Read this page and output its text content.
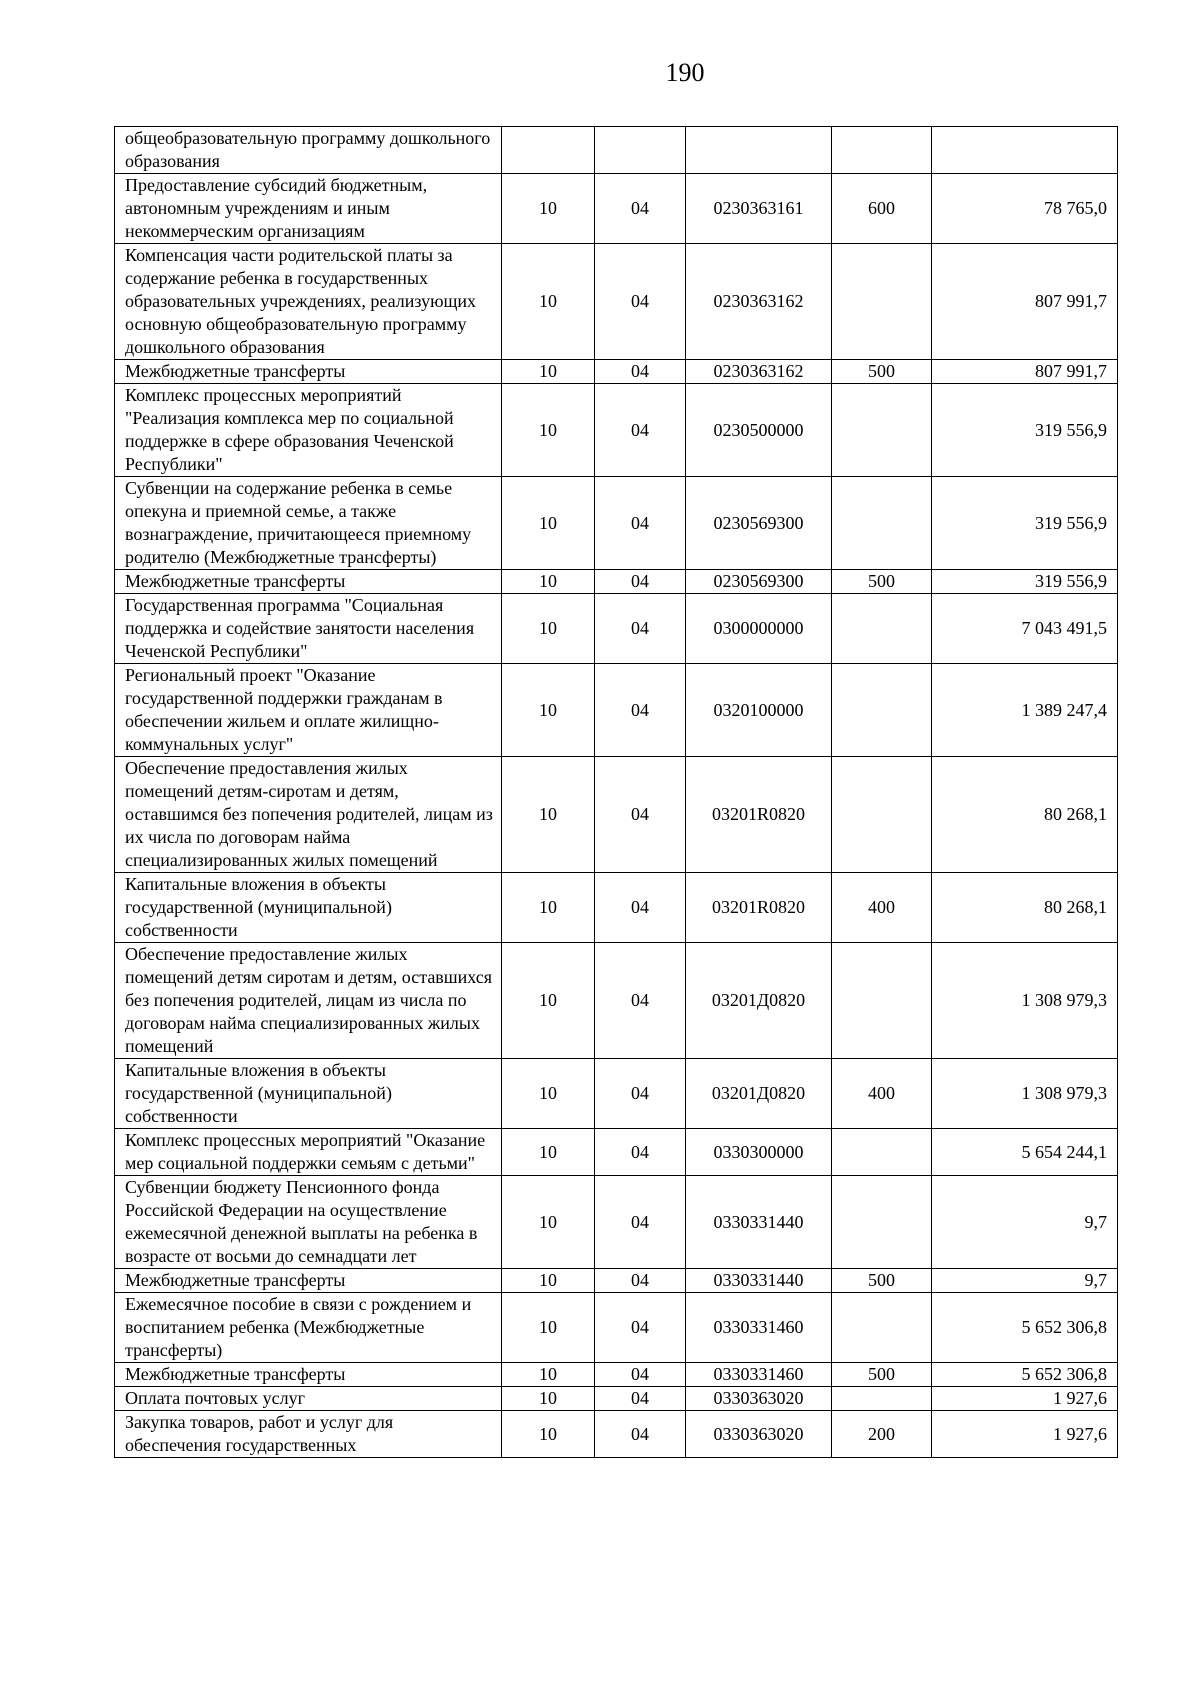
190
общеобразовательную программу дошкольного образования					
Предоставление субсидий бюджетным, автономным учреждениям и иным некоммерческим организациям	10	04	0230363161	600	78 765,0
Компенсация части родительской платы за содержание ребенка в государственных образовательных учреждениях, реализующих основную общеобразовательную программу дошкольного образования	10	04	0230363162		807 991,7
Межбюджетные трансферты	10	04	0230363162	500	807 991,7
Комплекс процессных мероприятий "Реализация комплекса мер по социальной поддержке в сфере образования Чеченской Республики"	10	04	0230500000		319 556,9
Субвенции на содержание ребенка в семье опекуна и приемной семье, а также вознаграждение, причитающееся приемному родителю (Межбюджетные трансферты)	10	04	0230569300		319 556,9
Межбюджетные трансферты	10	04	0230569300	500	319 556,9
Государственная программа "Социальная поддержка и содействие занятости населения Чеченской Республики"	10	04	0300000000		7 043 491,5
Региональный проект "Оказание государственной поддержки гражданам в обеспечении жильем и оплате жилищно-коммунальных услуг"	10	04	0320100000		1 389 247,4
Обеспечение предоставления жилых помещений детям-сиротам и детям, оставшимся без попечения родителей, лицам из их числа по договорам найма специализированных жилых помещений	10	04	03201R0820		80 268,1
Капитальные вложения в объекты государственной (муниципальной) собственности	10	04	03201R0820	400	80 268,1
Обеспечение предоставление жилых помещений детям сиротам и детям, оставшихся без попечения родителей, лицам из числа по договорам найма специализированных жилых помещений	10	04	03201Д0820		1 308 979,3
Капитальные вложения в объекты государственной (муниципальной) собственности	10	04	03201Д0820	400	1 308 979,3
Комплекс процессных мероприятий "Оказание мер социальной поддержки семьям с детьми"	10	04	0330300000		5 654 244,1
Субвенции бюджету Пенсионного фонда Российской Федерации на осуществление ежемесячной денежной выплаты на ребенка в возрасте от восьми до семнадцати лет	10	04	0330331440		9,7
Межбюджетные трансферты	10	04	0330331440	500	9,7
Ежемесячное пособие в связи с рождением и воспитанием ребенка (Межбюджетные трансферты)	10	04	0330331460		5 652 306,8
Межбюджетные трансферты	10	04	0330331460	500	5 652 306,8
Оплата почтовых услуг	10	04	0330363020		1 927,6
Закупка товаров, работ и услуг для обеспечения государственных	10	04	0330363020	200	1 927,6
